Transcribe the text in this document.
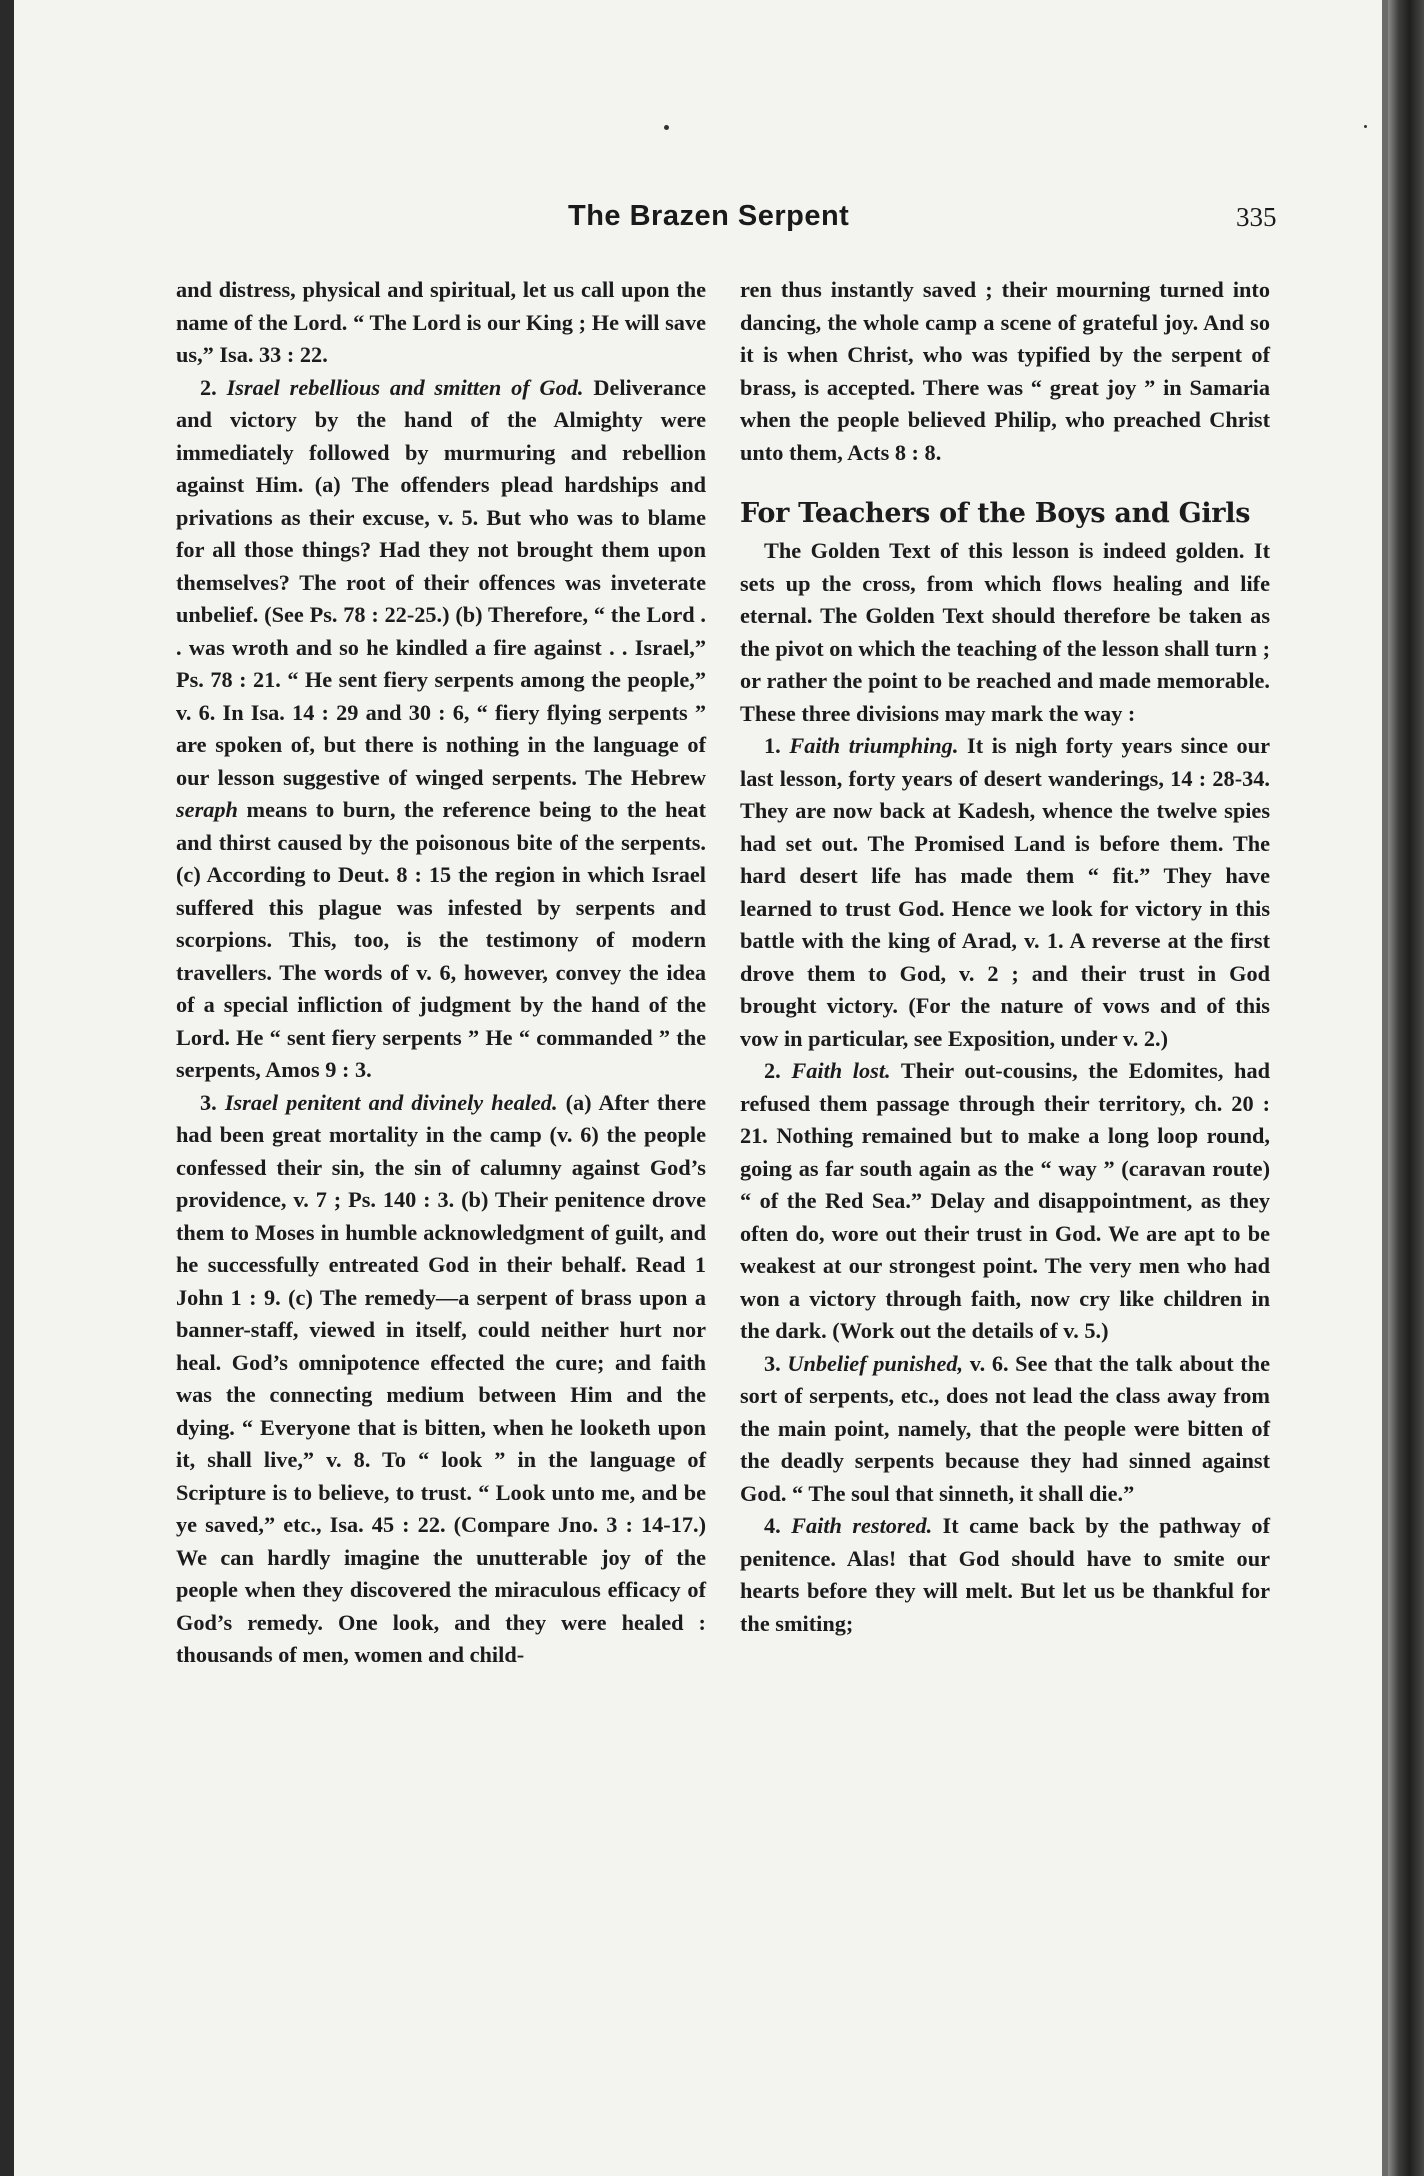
The Brazen Serpent	335

and distress, physical and spiritual, let us call upon the name of the Lord. “ The Lord is our King ; He will save us,” Isa. 33 : 22.

2. Israel rebellious and smitten of God. Deliverance and victory by the hand of the Almighty were immediately followed by murmuring and rebellion against Him. (a) The offenders plead hardships and privations as their excuse, v. 5. But who was to blame for all those things? Had they not brought them upon themselves? The root of their offences was inveterate unbelief. (See Ps. 78 : 22-25.) (b) Therefore, “ the Lord . . was wroth and so he kindled a fire against . . Israel,” Ps. 78 : 21. “ He sent fiery serpents among the people,” v. 6. In Isa. 14 : 29 and 30 : 6, “ fiery flying serpents ” are spoken of, but there is nothing in the language of our lesson suggestive of winged serpents. The Hebrew seraph means to burn, the reference being to the heat and thirst caused by the poisonous bite of the serpents. (c) According to Deut. 8 : 15 the region in which Israel suffered this plague was infested by serpents and scorpions. This, too, is the testimony of modern travellers. The words of v. 6, however, convey the idea of a special infliction of judgment by the hand of the Lord. He “ sent fiery serpents ” He “ commanded ” the serpents, Amos 9 : 3.

3. Israel penitent and divinely healed. (a) After there had been great mortality in the camp (v. 6) the people confessed their sin, the sin of calumny against God’s providence, v. 7 ; Ps. 140 : 3. (b) Their penitence drove them to Moses in humble acknowledgment of guilt, and he successfully entreated God in their behalf. Read 1 John 1 : 9. (c) The remedy—a serpent of brass upon a banner-staff, viewed in itself, could neither hurt nor heal. God’s omnipotence effected the cure; and faith was the connecting medium between Him and the dying. “ Everyone that is bitten, when he looketh upon it, shall live,” v. 8. To “ look ” in the language of Scripture is to believe, to trust. “ Look unto me, and be ye saved,” etc., Isa. 45 : 22. (Compare Jno. 3 : 14-17.) We can hardly imagine the unutterable joy of the people when they discovered the miraculous efficacy of God’s remedy. One look, and they were healed : thousands of men, women and child-

ren thus instantly saved ; their mourning turned into dancing, the whole camp a scene of grateful joy. And so it is when Christ, who was typified by the serpent of brass, is accepted. There was “ great joy ” in Samaria when the people believed Philip, who preached Christ unto them, Acts 8 : 8.

For Teachers of the Boys and Girls

The Golden Text of this lesson is indeed golden. It sets up the cross, from which flows healing and life eternal. The Golden Text should therefore be taken as the pivot on which the teaching of the lesson shall turn ; or rather the point to be reached and made memorable. These three divisions may mark the way :

1. Faith triumphing. It is nigh forty years since our last lesson, forty years of desert wanderings, 14 : 28-34. They are now back at Kadesh, whence the twelve spies had set out. The Promised Land is before them. The hard desert life has made them “ fit.” They have learned to trust God. Hence we look for victory in this battle with the king of Arad, v. 1. A reverse at the first drove them to God, v. 2 ; and their trust in God brought victory. (For the nature of vows and of this vow in particular, see Exposition, under v. 2.)

2. Faith lost. Their out-cousins, the Edomites, had refused them passage through their territory, ch. 20 : 21. Nothing remained but to make a long loop round, going as far south again as the “ way ” (caravan route) “ of the Red Sea.” Delay and disappointment, as they often do, wore out their trust in God. We are apt to be weakest at our strongest point. The very men who had won a victory through faith, now cry like children in the dark. (Work out the details of v. 5.)

3. Unbelief punished, v. 6. See that the talk about the sort of serpents, etc., does not lead the class away from the main point, namely, that the people were bitten of the deadly serpents because they had sinned against God. “ The soul that sinneth, it shall die.”

4. Faith restored. It came back by the pathway of penitence. Alas! that God should have to smite our hearts before they will melt. But let us be thankful for the smiting;
